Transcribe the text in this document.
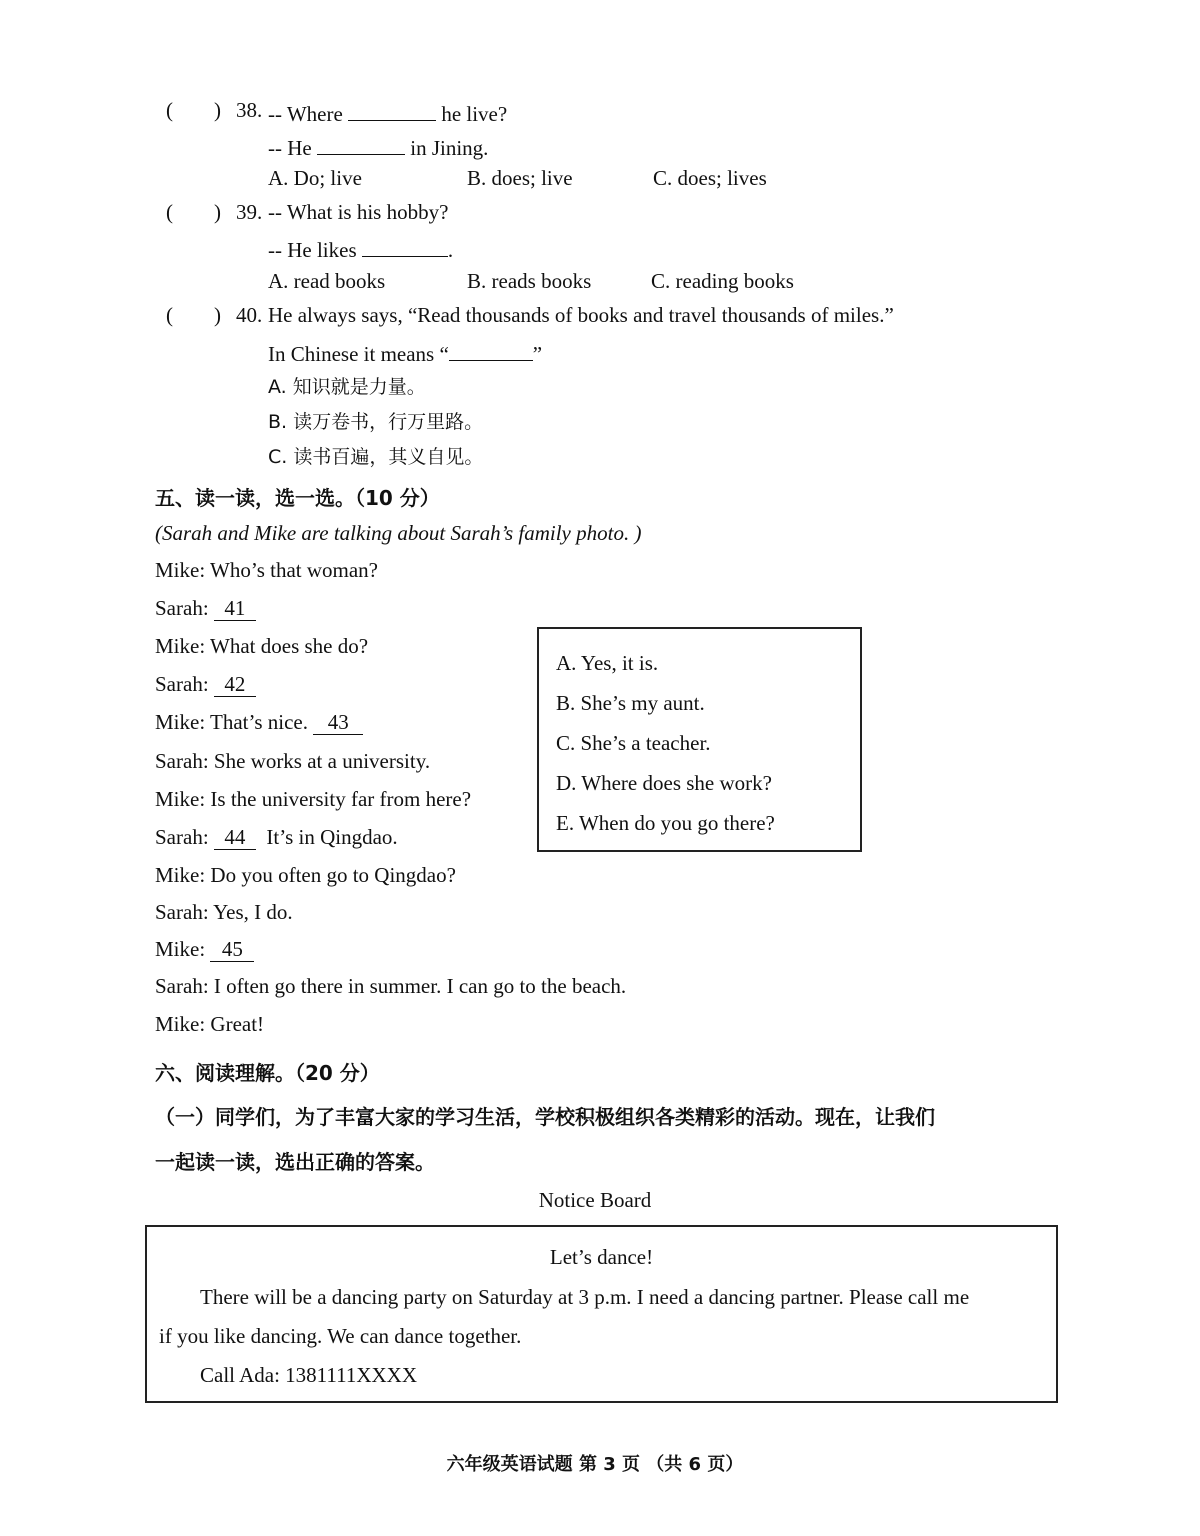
( ) 38. -- Where	he live?
-- He	in Jining.
A. Do; live	B. does; live	C. does; lives
( ) 39. -- What is his hobby?
-- He likes	.
A. read books	B. reads books	C. reading books
( ) 40. He always says, “Read thousands of books and travel thousands of miles.”
In Chinese it means “	”
A. 知识就是力量。
B. 读万卷书，行万里路。
C. 读书百遍，其义自见。
五、读一读，选一选。（10 分）
(Sarah and Mike are talking about Sarah’s family photo. )
Mike: Who’s that woman?
Sarah: 41
Mike: What does she do?
Sarah: 42
Mike: That’s nice. 43
Sarah: She works at a university.
Mike: Is the university far from here?
Sarah: 44 It’s in Qingdao.
Mike: Do you often go to Qingdao?
Sarah: Yes, I do.
Mike: 45
Sarah: I often go there in summer. I can go to the beach.
Mike: Great!
A. Yes, it is.
B. She’s my aunt.
C. She’s a teacher.
D. Where does she work?
E. When do you go there?
六、阅读理解。（20 分）
（一）同学们，为了丰富大家的学习生活，学校积极组织各类精彩的活动。现在，让我们
一起读一读，选出正确的答案。
Notice Board
Let’s dance!
There will be a dancing party on Saturday at 3 p.m. I need a dancing partner. Please call me
if you like dancing. We can dance together.
Call Ada: 1381111XXXX
六年级英语试题 第 3 页 （共 6 页）
